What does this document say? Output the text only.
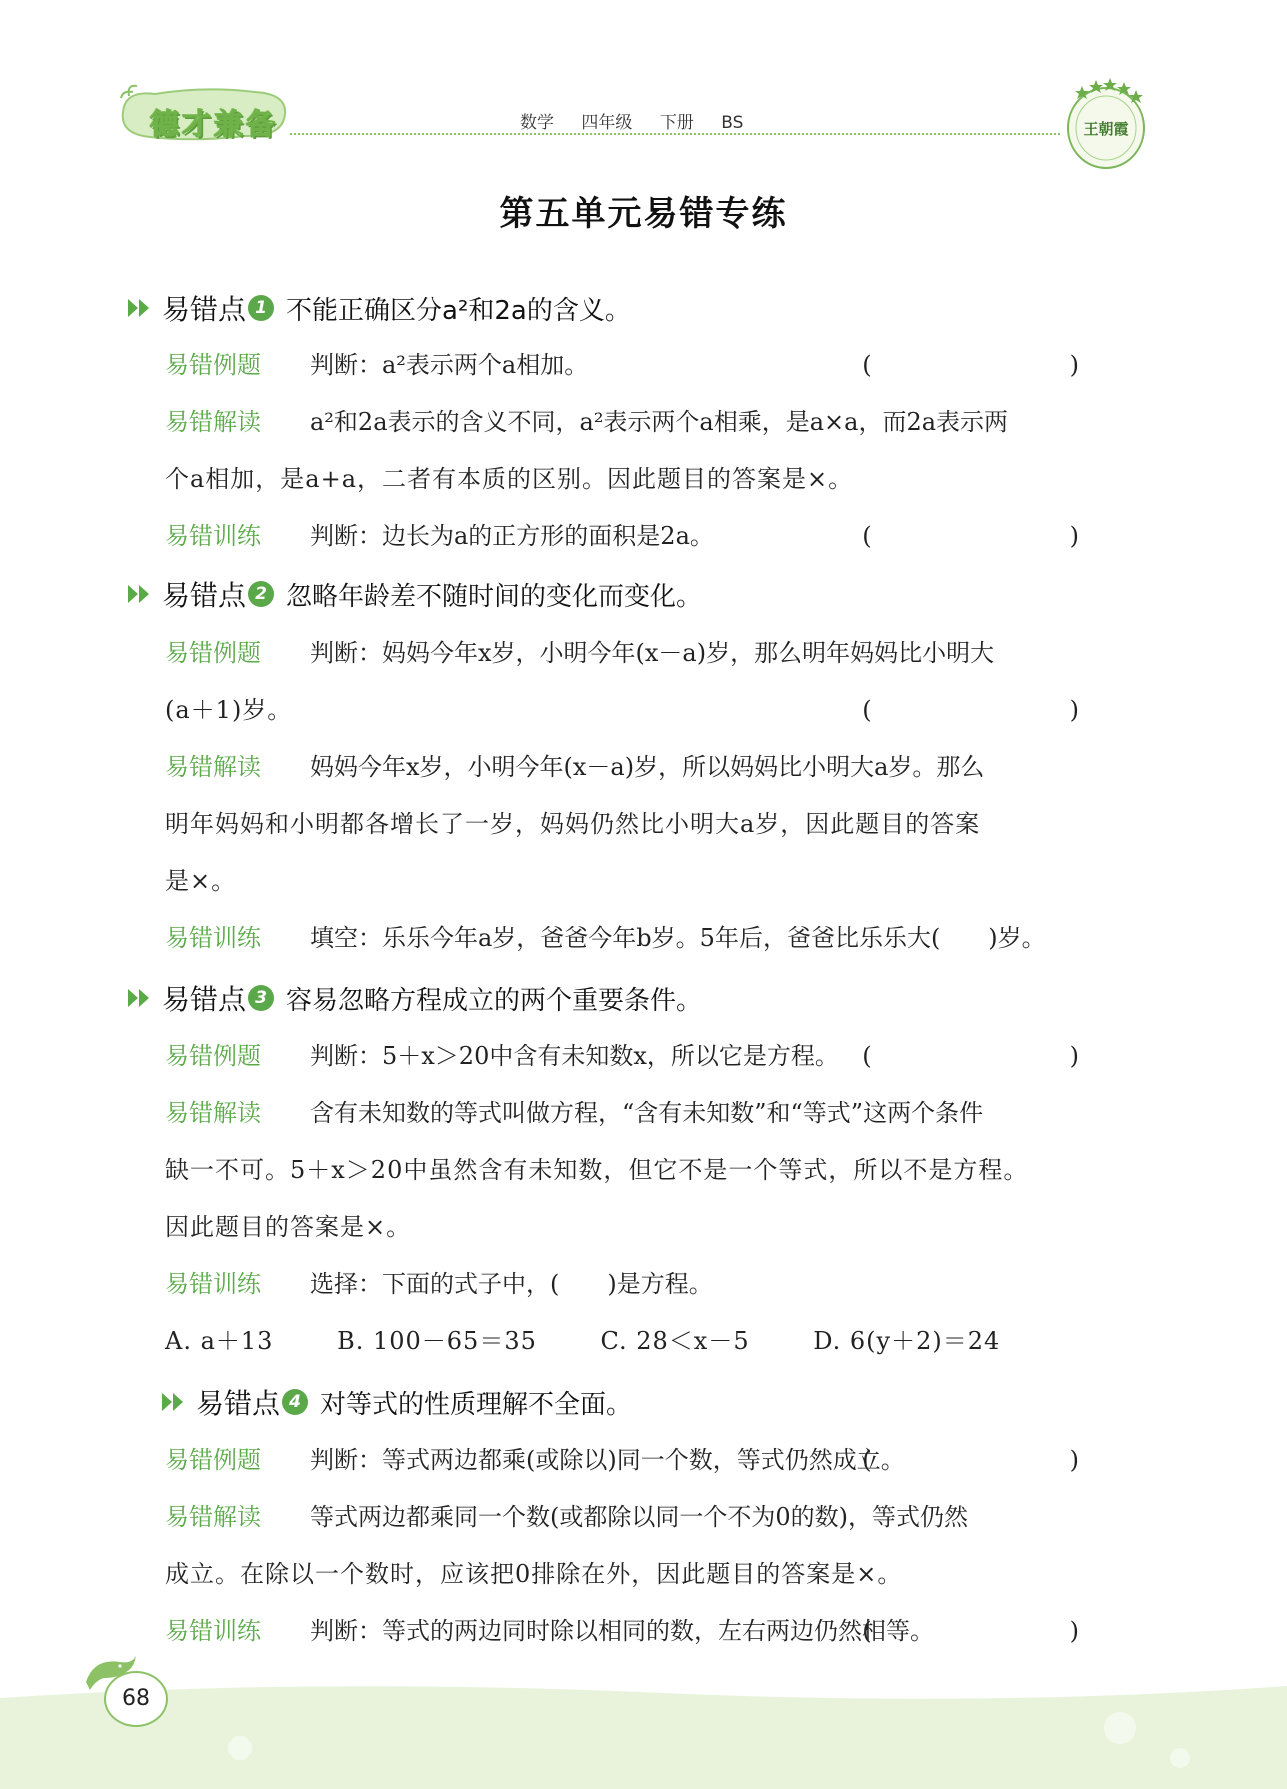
德才兼备	数学 四年级 下册 BS	王朝霞
第五单元易错专练
易错点 1 不能正确区分a²和2a的含义。
易错例题 判断：a²表示两个a相加。	(　　)
易错解读 a²和2a表示的含义不同，a²表示两个a相乘，是a×a，而2a表示两
个a相加，是a+a，二者有本质的区别。因此题目的答案是×。
易错训练 判断：边长为a的正方形的面积是2a。	(　　)
易错点 2 忽略年龄差不随时间的变化而变化。
易错例题 判断：妈妈今年x岁，小明今年(x－a)岁，那么明年妈妈比小明大
(a＋1)岁。	(　　)
易错解读 妈妈今年x岁，小明今年(x－a)岁，所以妈妈比小明大a岁。那么
明年妈妈和小明都各增长了一岁，妈妈仍然比小明大a岁，因此题目的答案
是×。
易错训练 填空：乐乐今年a岁，爸爸今年b岁。5年后，爸爸比乐乐大(　　)岁。
易错点 3 容易忽略方程成立的两个重要条件。
易错例题 判断：5＋x＞20中含有未知数x，所以它是方程。 (　　)
易错解读 含有未知数的等式叫做方程，“含有未知数”和“等式”这两个条件
缺一不可。5＋x＞20中虽然含有未知数，但它不是一个等式，所以不是方程。
因此题目的答案是×。
易错训练 选择：下面的式子中，(　　)是方程。
A. a＋13	B. 100－65＝35	C. 28＜x－5	D. 6(y＋2)＝24
易错点 4 对等式的性质理解不全面。
易错例题 判断：等式两边都乘(或除以)同一个数，等式仍然成立。
(　　)
易错解读 等式两边都乘同一个数(或都除以同一个不为0的数)，等式仍然
成立。在除以一个数时，应该把0排除在外，因此题目的答案是×。
易错训练 判断：等式的两边同时除以相同的数，左右两边仍然相等。
(　　)
68
